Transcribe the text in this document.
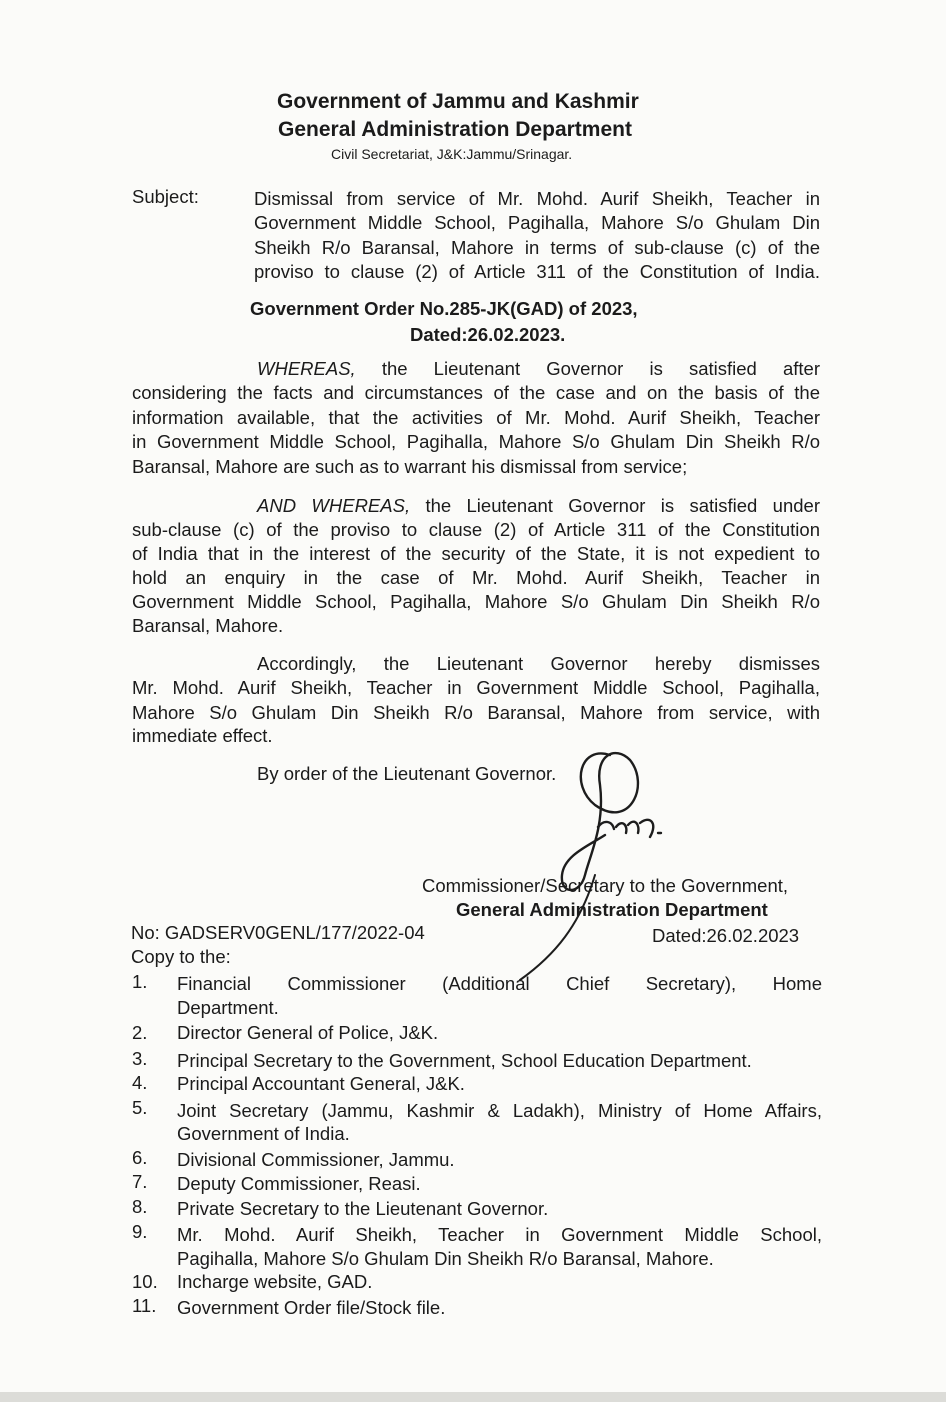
Government of Jammu and Kashmir
General Administration Department
Civil Secretariat, J&K:Jammu/Srinagar.
Subject:	Dismissal from service of Mr. Mohd. Aurif Sheikh, Teacher in
Government Middle School, Pagihalla, Mahore S/o Ghulam Din
Sheikh R/o Baransal, Mahore in terms of sub-clause (c) of the
proviso to clause (2) of Article 311 of the Constitution of India.
Government Order No.285-JK(GAD) of 2023,
Dated:26.02.2023.
WHEREAS, the Lieutenant Governor is satisfied after
considering the facts and circumstances of the case and on the basis of the
information available, that the activities of Mr. Mohd. Aurif Sheikh, Teacher
in Government Middle School, Pagihalla, Mahore S/o Ghulam Din Sheikh R/o
Baransal, Mahore are such as to warrant his dismissal from service;
AND WHEREAS, the Lieutenant Governor is satisfied under
sub-clause (c) of the proviso to clause (2) of Article 311 of the Constitution
of India that in the interest of the security of the State, it is not expedient to
hold an enquiry in the case of Mr. Mohd. Aurif Sheikh, Teacher in
Government Middle School, Pagihalla, Mahore S/o Ghulam Din Sheikh R/o
Baransal, Mahore.
Accordingly, the Lieutenant Governor hereby dismisses
Mr. Mohd. Aurif Sheikh, Teacher in Government Middle School, Pagihalla,
Mahore S/o Ghulam Din Sheikh R/o Baransal, Mahore from service, with
immediate effect.
By order of the Lieutenant Governor.
Commissioner/Secretary to the Government,
General Administration Department
No: GADSERV0GENL/177/2022-04	Dated:26.02.2023
Copy to the:
1.	Financial Commissioner (Additional Chief Secretary), Home
Department.
2.	Director General of Police, J&K.
3.	Principal Secretary to the Government, School Education Department.
4.	Principal Accountant General, J&K.
5.	Joint Secretary (Jammu, Kashmir & Ladakh), Ministry of Home Affairs,
Government of India.
6.	Divisional Commissioner, Jammu.
7.	Deputy Commissioner, Reasi.
8.	Private Secretary to the Lieutenant Governor.
9.	Mr. Mohd. Aurif Sheikh, Teacher in Government Middle School,
Pagihalla, Mahore S/o Ghulam Din Sheikh R/o Baransal, Mahore.
10.	Incharge website, GAD.
11.	Government Order file/Stock file.
